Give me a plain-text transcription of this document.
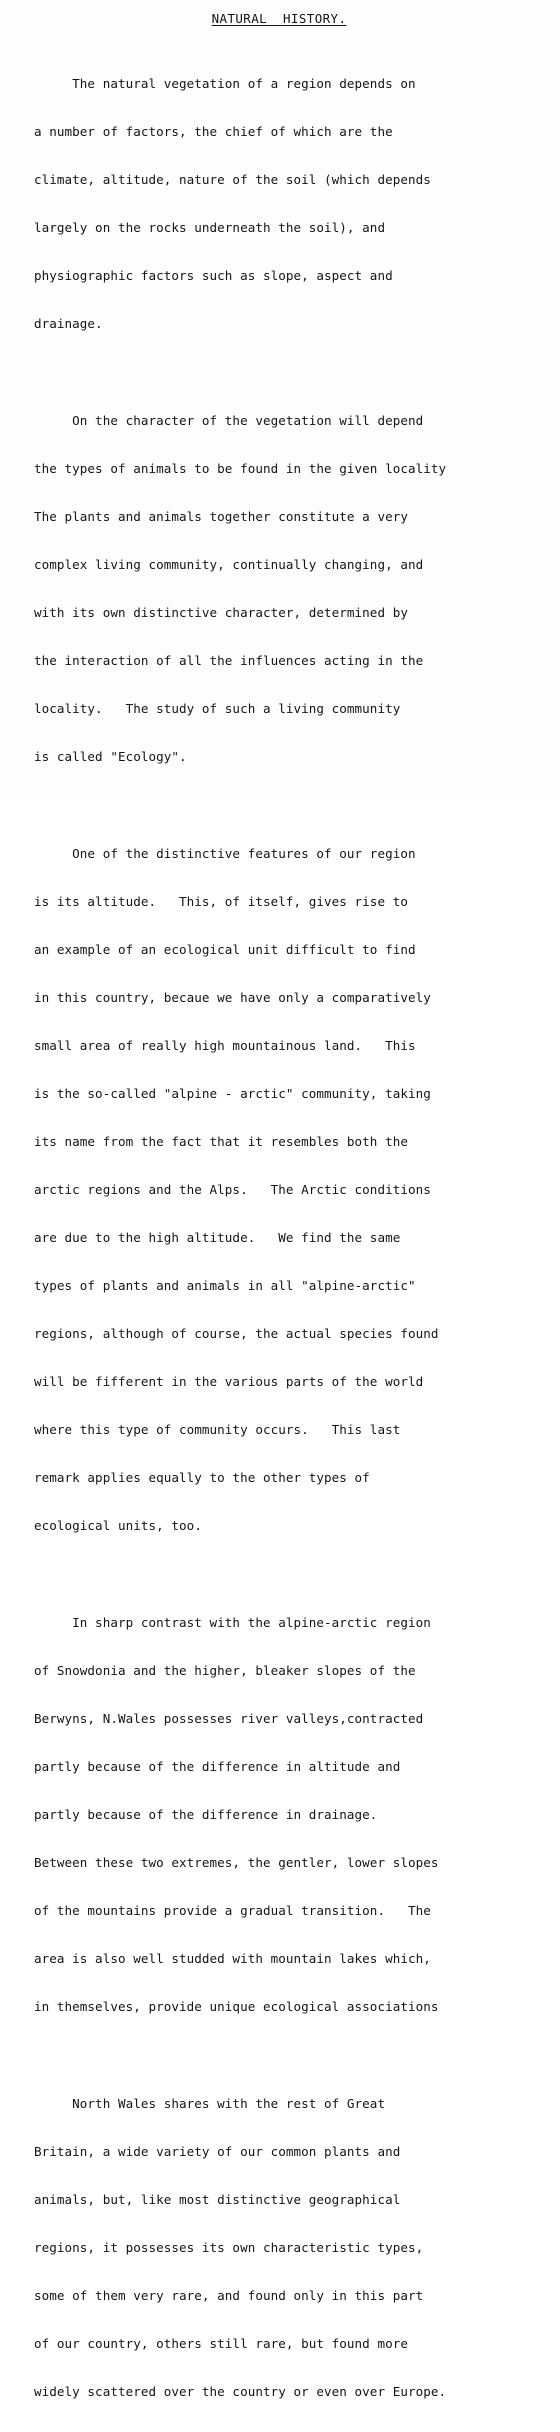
NATURAL HISTORY.

The natural vegetation of a region depends on

a number of factors, the chief of which are the

climate, altitude, nature of the soil (which depends

largely on the rocks underneath the soil), and

physiographic factors such as slope, aspect and

drainage.

On the character of the vegetation will depend

the types of animals to be found in the given locality

The plants and animals together constitute a very

complex living community, continually changing, and

with its own distinctive character, determined by

the interaction of all the influences acting in the

locality.   The study of such a living community

is called "Ecology".

One of the distinctive features of our region

is its altitude.   This, of itself, gives rise to

an example of an ecological unit difficult to find

in this country, becaue we have only a comparatively

small area of really high mountainous land.   This

is the so-called "alpine - arctic" community, taking

its name from the fact that it resembles both the

arctic regions and the Alps.   The Arctic conditions

are due to the high altitude.   We find the same

types of plants and animals in all "alpine-arctic"

regions, although of course, the actual species found

will be fifferent in the various parts of the world

where this type of community occurs.   This last

remark applies equally to the other types of

ecological units, too.

In sharp contrast with the alpine-arctic region

of Snowdonia and the higher, bleaker slopes of the

Berwyns, N.Wales possesses river valleys,contracted

partly because of the difference in altitude and

partly because of the difference in drainage.

Between these two extremes, the gentler, lower slopes

of the mountains provide a gradual transition.   The

area is also well studded with mountain lakes which,

in themselves, provide unique ecological associations

North Wales shares with the rest of Great

Britain, a wide variety of our common plants and

animals, but, like most distinctive geographical

regions, it possesses its own characteristic types,

some of them very rare, and found only in this part

of our country, others still rare, but found more

widely scattered over the country or even over Europe.
